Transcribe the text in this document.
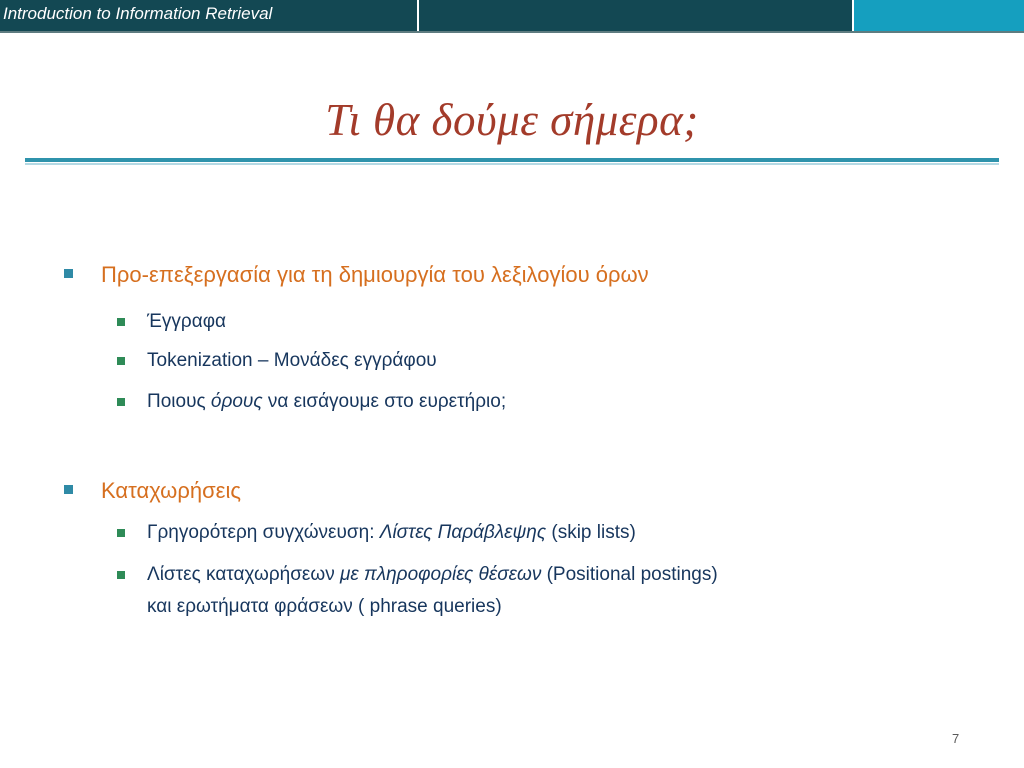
Introduction to Information Retrieval
Τι θα δούμε σήμερα;
Προ-επεξεργασία για τη δημιουργία του λεξιλογίου όρων
Έγγραφα
Tokenization – Μονάδες εγγράφου
Ποιους όρους να εισάγουμε στο ευρετήριο;
Καταχωρήσεις
Γρηγορότερη συγχώνευση: Λίστες Παράβλεψης (skip lists)
Λίστες καταχωρήσεων με πληροφορίες θέσεων (Positional postings)
και ερωτήματα φράσεων ( phrase queries)
7
